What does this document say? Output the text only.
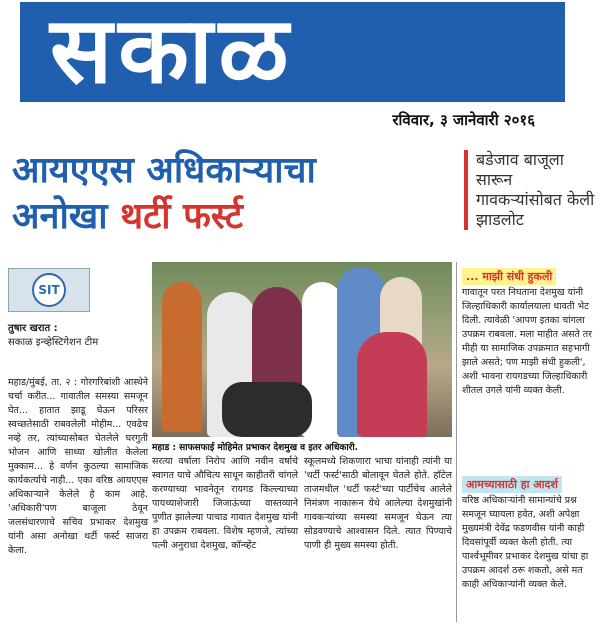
सकाळ
रविवार, ३ जानेवारी २०१६
आयएएस अधिकाऱ्याचा
अनोखा थर्टी फर्स्ट
बडेजाव बाजूला सारून गावकऱ्यांसोबत केली झाडलोट
SIT
तुषार खरात :
सकाळ इन्व्हेस्टिगेशन टीम
महाड : साफसफाई मोहिमेत प्रभाकर देशमुख व इतर अधिकारी.
महाड/मुंबई, ता. २ : गोरगरिबांशी आस्थेने चर्चा करीत... गावातील समस्या समजून घेत... हातात झाडू घेऊन परिसर स्वच्छतेसाठी राबवलेली मोहीम... एवढेच नव्हे तर, त्यांच्यासोबत घेतलेले घरगुती भोजन आणि साध्या खोलीत केलेला मुक्काम... हे वर्णन कुठल्या सामाजिक कार्यकर्त्याचे नाही... एका वरिष्ठ आयएएस अधिकाऱ्याने केलेले हे काम आहे. 'अधिकारी'पण बाजूला ठेवून जलसंधारणाचे सचिव प्रभाकर देशमुख यांनी असा अनोखा थर्टी फर्स्ट साजरा केला.
सरत्या वर्षाला निरोप आणि नवीन वर्षाचे स्वागत याचे औचित्य साधून काहीतरी चांगले करण्याच्या भावनेतून रायगड किल्ल्याच्या पायथ्याशेजारी जिजाऊंच्या वास्तव्याने पुणीत झालेल्या पाचाड गावात देशमुख यांनी हा उपक्रम राबवला. विशेष म्हणजे, त्यांच्या पत्नी अनुराधा देशमुख, कॉन्व्हेंट
स्कूलमध्ये शिकणारा भाचा यांनाही त्यांनी या 'थर्टी फर्स्ट'साठी बोलावून घेतले होते. हॉटेल ताजमधील 'थर्टी फर्स्ट'च्या पार्टीचेच आलेले निमंत्रण नाकारून येथे आलेल्या देशमुखांनी गावकऱ्यांच्या समस्या समजून घेऊन त्या सोडवण्याचे आश्वासन दिले. त्यात पिण्याचे पाणी ही मुख्य समस्या होती.
... माझी संधी हुकली
गावातून परत निघताना देशमुख यांनी जिल्हाधिकारी कार्यालयाला धावती भेट दिली. त्यावेळी 'आपण इतका चांगला उपक्रम राबवला. मला माहीत असते तर मीही या सामाजिक उपक्रमात सहभागी झाले असते; पण माझी संधी हुकली', अशी भावना रायगडच्या जिल्हाधिकारी शीतल उगले यांनी व्यक्त केली.
आमच्यासाठी हा आदर्श
वरिष्ठ अधिकाऱ्यांनी सामान्यांचे प्रश्न समजून घ्यायला हवेत, अशी अपेक्षा मुख्यमंत्री देवेंद्र फडणवीस यांनी काही दिवसांपूर्वी व्यक्त केली होती. त्या पार्श्वभूमीवर प्रभाकर देशमुख यांचा हा उपक्रम आदर्श ठरू शकतो, असे मत काही अधिकाऱ्यांनी व्यक्त केले.
